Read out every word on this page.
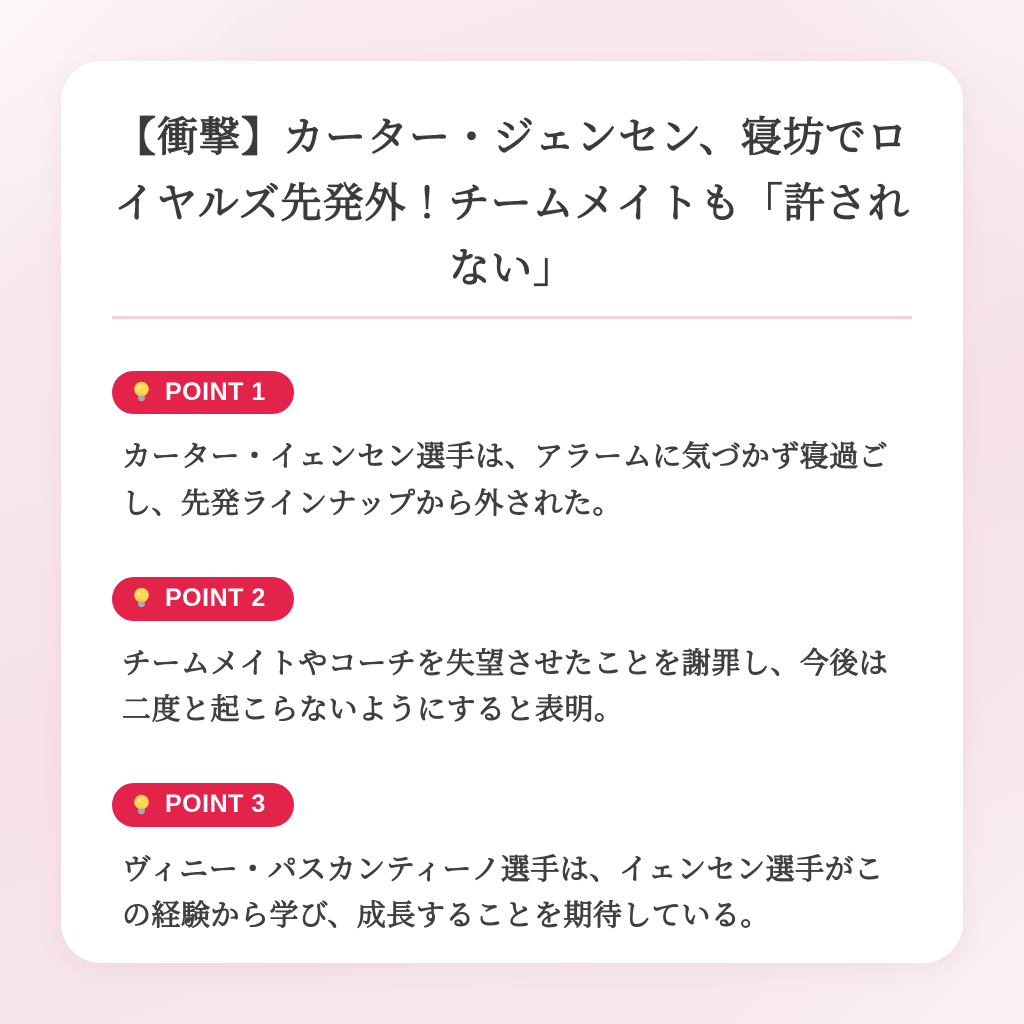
【衝撃】カーター・ジェンセン、寝坊でロイヤルズ先発外！チームメイトも「許されない」
POINT 1

カーター・イェンセン選手は、アラームに気づかず寝過ごし、先発ラインナップから外された。

POINT 2

チームメイトやコーチを失望させたことを謝罪し、今後は二度と起こらないようにすると表明。

POINT 3

ヴィニー・パスカンティーノ選手は、イェンセン選手がこの経験から学び、成長することを期待している。
